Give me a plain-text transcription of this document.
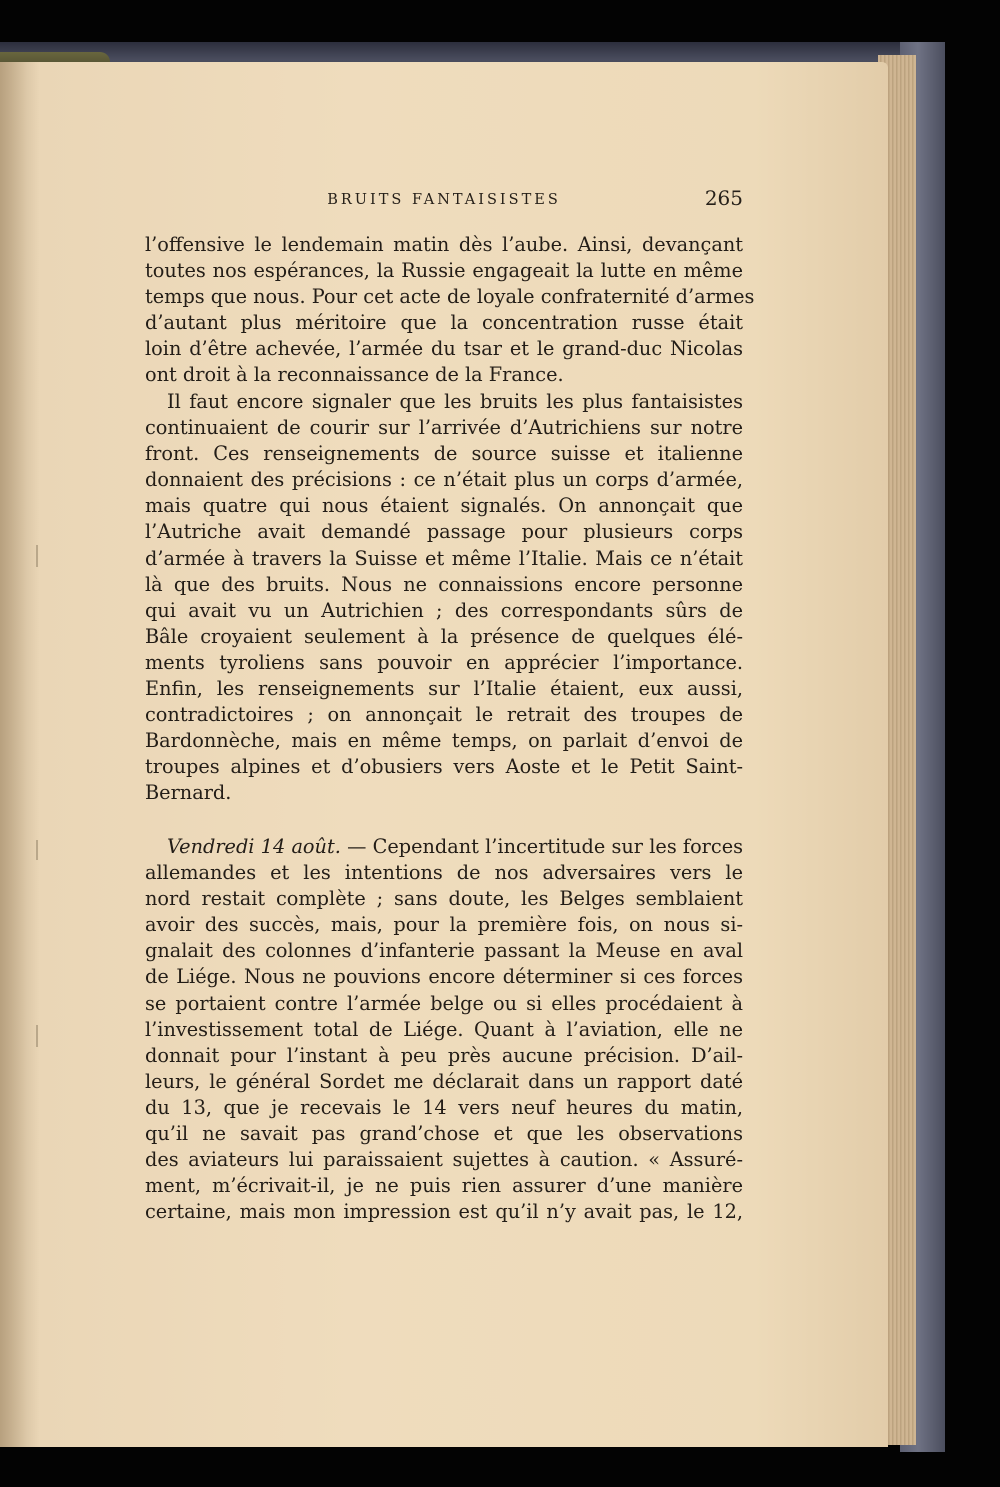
BRUITS FANTAISISTES	265
l’offensive le lendemain matin dès l’aube. Ainsi, devançant
toutes nos espérances, la Russie engageait la lutte en même
temps que nous. Pour cet acte de loyale confraternité d’armes
d’autant plus méritoire que la concentration russe était
loin d’être achevée, l’armée du tsar et le grand-duc Nicolas
ont droit à la reconnaissance de la France.
Il faut encore signaler que les bruits les plus fantaisistes
continuaient de courir sur l’arrivée d’Autrichiens sur notre
front. Ces renseignements de source suisse et italienne
donnaient des précisions : ce n’était plus un corps d’armée,
mais quatre qui nous étaient signalés. On annonçait que
l’Autriche avait demandé passage pour plusieurs corps
d’armée à travers la Suisse et même l’Italie. Mais ce n’était
là que des bruits. Nous ne connaissions encore personne
qui avait vu un Autrichien ; des correspondants sûrs de
Bâle croyaient seulement à la présence de quelques élé-
ments tyroliens sans pouvoir en apprécier l’importance.
Enfin, les renseignements sur l’Italie étaient, eux aussi,
contradictoires ; on annonçait le retrait des troupes de
Bardonnèche, mais en même temps, on parlait d’envoi de
troupes alpines et d’obusiers vers Aoste et le Petit Saint-
Bernard.
Vendredi 14 août. — Cependant l’incertitude sur les forces
allemandes et les intentions de nos adversaires vers le
nord restait complète ; sans doute, les Belges semblaient
avoir des succès, mais, pour la première fois, on nous si-
gnalait des colonnes d’infanterie passant la Meuse en aval
de Liége. Nous ne pouvions encore déterminer si ces forces
se portaient contre l’armée belge ou si elles procédaient à
l’investissement total de Liége. Quant à l’aviation, elle ne
donnait pour l’instant à peu près aucune précision. D’ail-
leurs, le général Sordet me déclarait dans un rapport daté
du 13, que je recevais le 14 vers neuf heures du matin,
qu’il ne savait pas grand’chose et que les observations
des aviateurs lui paraissaient sujettes à caution. « Assuré-
ment, m’écrivait-il, je ne puis rien assurer d’une manière
certaine, mais mon impression est qu’il n’y avait pas, le 12,
